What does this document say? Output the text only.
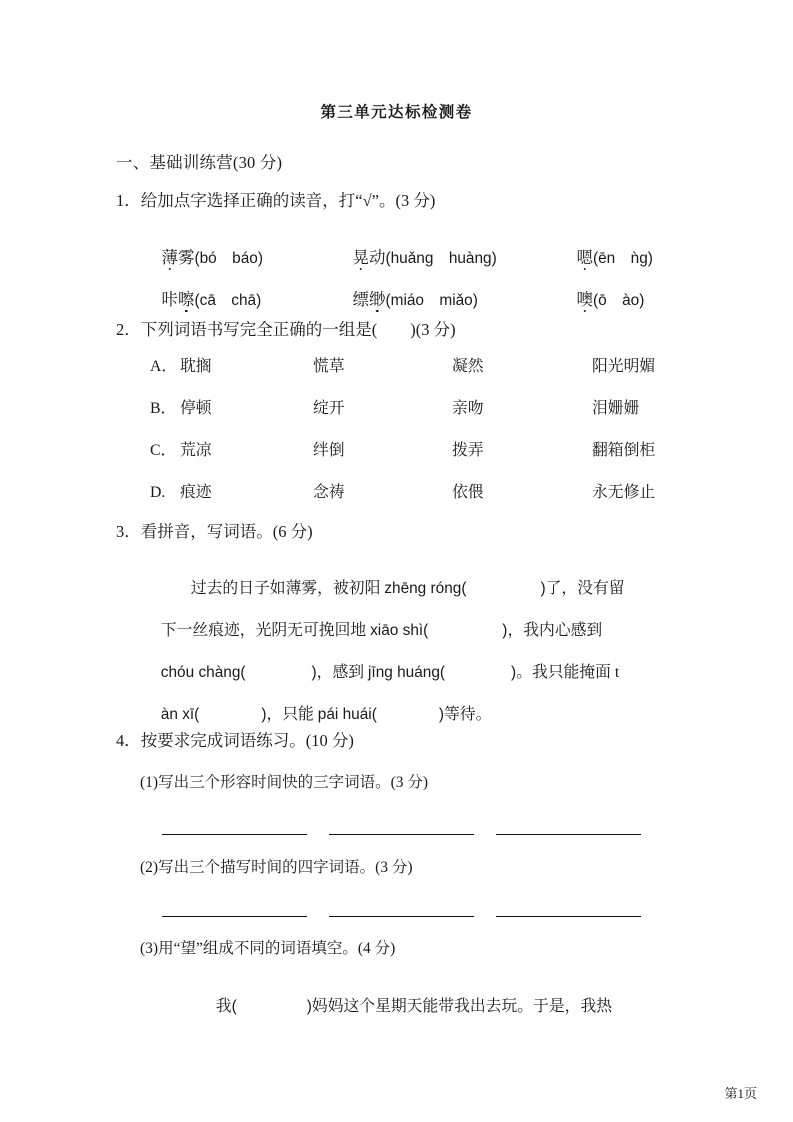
第三单元达标检测卷
一、基础训练营(30 分)
1．给加点字选择正确的读音，打“√”。(3 分)

薄雾(bó　báo)
	晃动(huǎng　huàng)
	嗯(ēn　ǹg)

咔嚓(cā　chā)
	缥缈(miáo　miǎo)
	噢(ō　ào)

2．下列词语书写完全正确的一组是(　　)(3 分)
A． 耽搁	慌草	凝然	阳光明媚
B． 停顿	绽开	亲吻	泪姗姗
C． 荒凉	绊倒	拨弄	翻箱倒柜
D. 痕迹	念祷	依偎	永无修止
3．看拼音，写词语。(6 分)

过去的日子如薄雾，被初阳 zhēng róng(	)了，没有留

下一丝痕迹，光阴无可挽回地 xiāo shì(	)，我内心感到

chóu chàng(	)，感到 jīng huáng(	)。我只能掩面 t

àn xī(	)，只能 pái huái(	)等待。

4．按要求完成词语练习。(10 分)
(1)写出三个形容时间快的三字词语。(3 分)
(2)写出三个描写时间的四字词语。(3 分)
(3)用“望”组成不同的词语填空。(4 分)

我(	)妈妈这个星期天能带我出去玩。于是，我热

第1页
